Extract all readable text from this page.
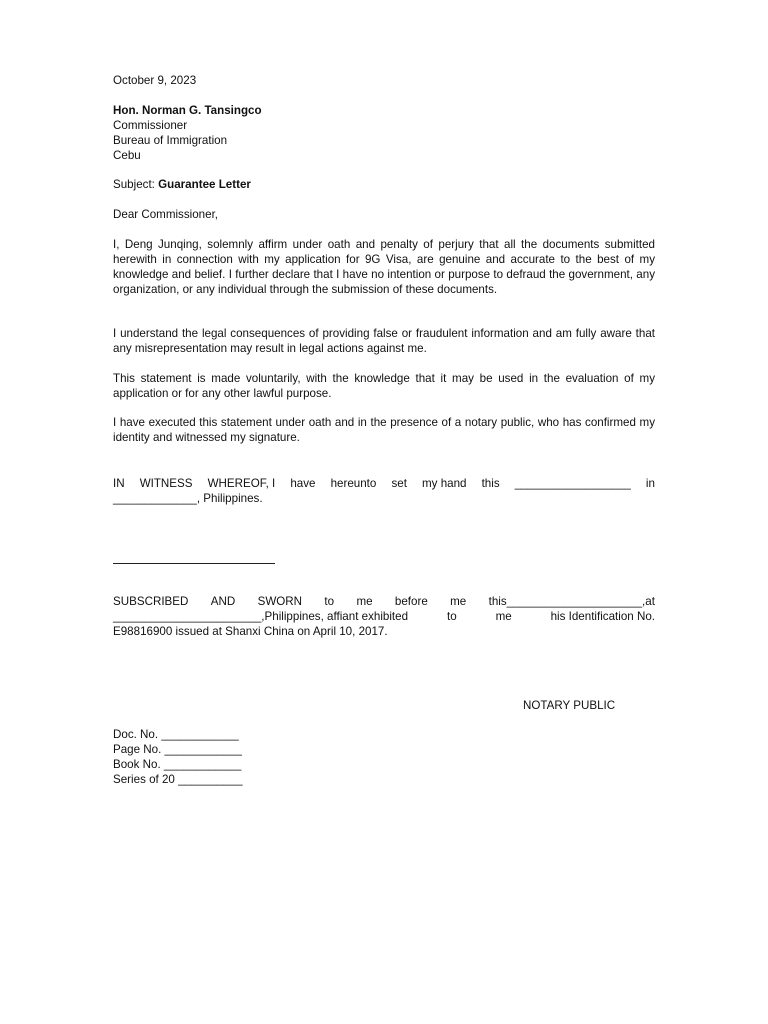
October 9, 2023
Hon. Norman G. Tansingco
Commissioner
Bureau of Immigration
Cebu
Subject: Guarantee Letter
Dear Commissioner,
I, Deng Junqing, solemnly affirm under oath and penalty of perjury that all the documents submitted herewith in connection with my application for 9G Visa, are genuine and accurate to the best of my knowledge and belief. I further declare that I have no intention or purpose to defraud the government, any organization, or any individual through the submission of these documents.
I understand the legal consequences of providing false or fraudulent information and am fully aware that any misrepresentation may result in legal actions against me.
This statement is made voluntarily, with the knowledge that it may be used in the evaluation of my application or for any other lawful purpose.
I have executed this statement under oath and in the presence of a notary public, who has confirmed my identity and witnessed my signature.
IN WITNESS WHEREOF, I have hereunto set my hand this __________________ in
_____________, Philippines.
SUBSCRIBED AND SWORN to me before me this_____________________,at
_______________________,Philippines, affiant exhibited	to	me	his Identification No.
E98816900 issued at Shanxi China on April 10, 2017.
NOTARY PUBLIC
Doc. No. ____________
Page No. ____________
Book No. ____________
Series of 20 __________
